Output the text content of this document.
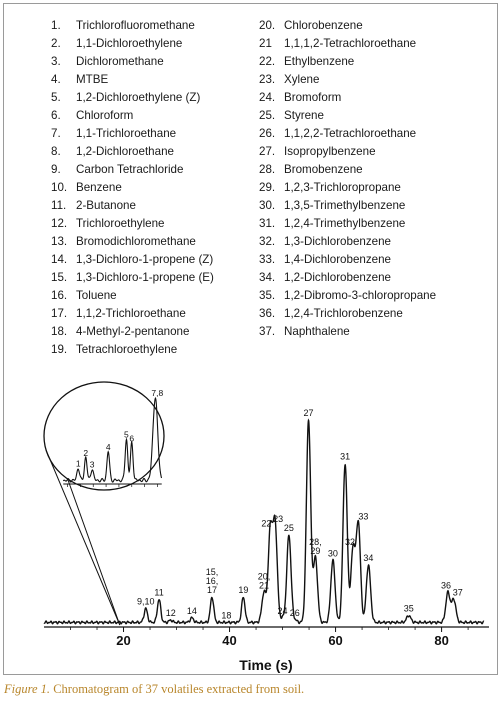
1.	Trichlorofluoromethane
2.	1,1-Dichloroethylene
3.	Dichloromethane
4.	MTBE
5.	1,2-Dichloroethylene (Z)
6.	Chloroform
7.	1,1-Trichloroethane
8.	1,2-Dichloroethane
9.	Carbon Tetrachloride
10. Benzene
11. 2-Butanone
12. Trichloroethylene
13. Bromodichloromethane
14. 1,3-Dichloro-1-propene (Z)
15. 1,3-Dichloro-1-propene (E)
16. Toluene
17. 1,1,2-Trichloroethane
18. 4-Methyl-2-pentanone
19. Tetrachloroethylene
20. Chlorobenzene
21	1,1,1,2-Tetrachloroethane
22. Ethylbenzene
23. Xylene
24. Bromoform
25. Styrene
26. 1,1,2,2-Tetrachloroethane
27. Isopropylbenzene
28. Bromobenzene
29. 1,2,3-Trichloropropane
30. 1,3,5-Trimethylbenzene
31. 1,2,4-Trimethylbenzene
32. 1,3-Dichlorobenzene
33. 1,4-Dichlorobenzene
34. 1,2-Dichlorobenzene
35. 1,2-Dibromo-3-chloropropane
36. 1,2,4-Trichlorobenzene
37. Naphthalene
20	40	60	80
Time (s)
9,10
11
12 14
15, 16, 17
18
19
20, 21
22 23
24
25
26
27
28, 29 30
31
32
33
34
35
36
37
1
2
3
4
5 6
7,8
Figure 1. Chromatogram of 37 volatiles extracted from soil.
